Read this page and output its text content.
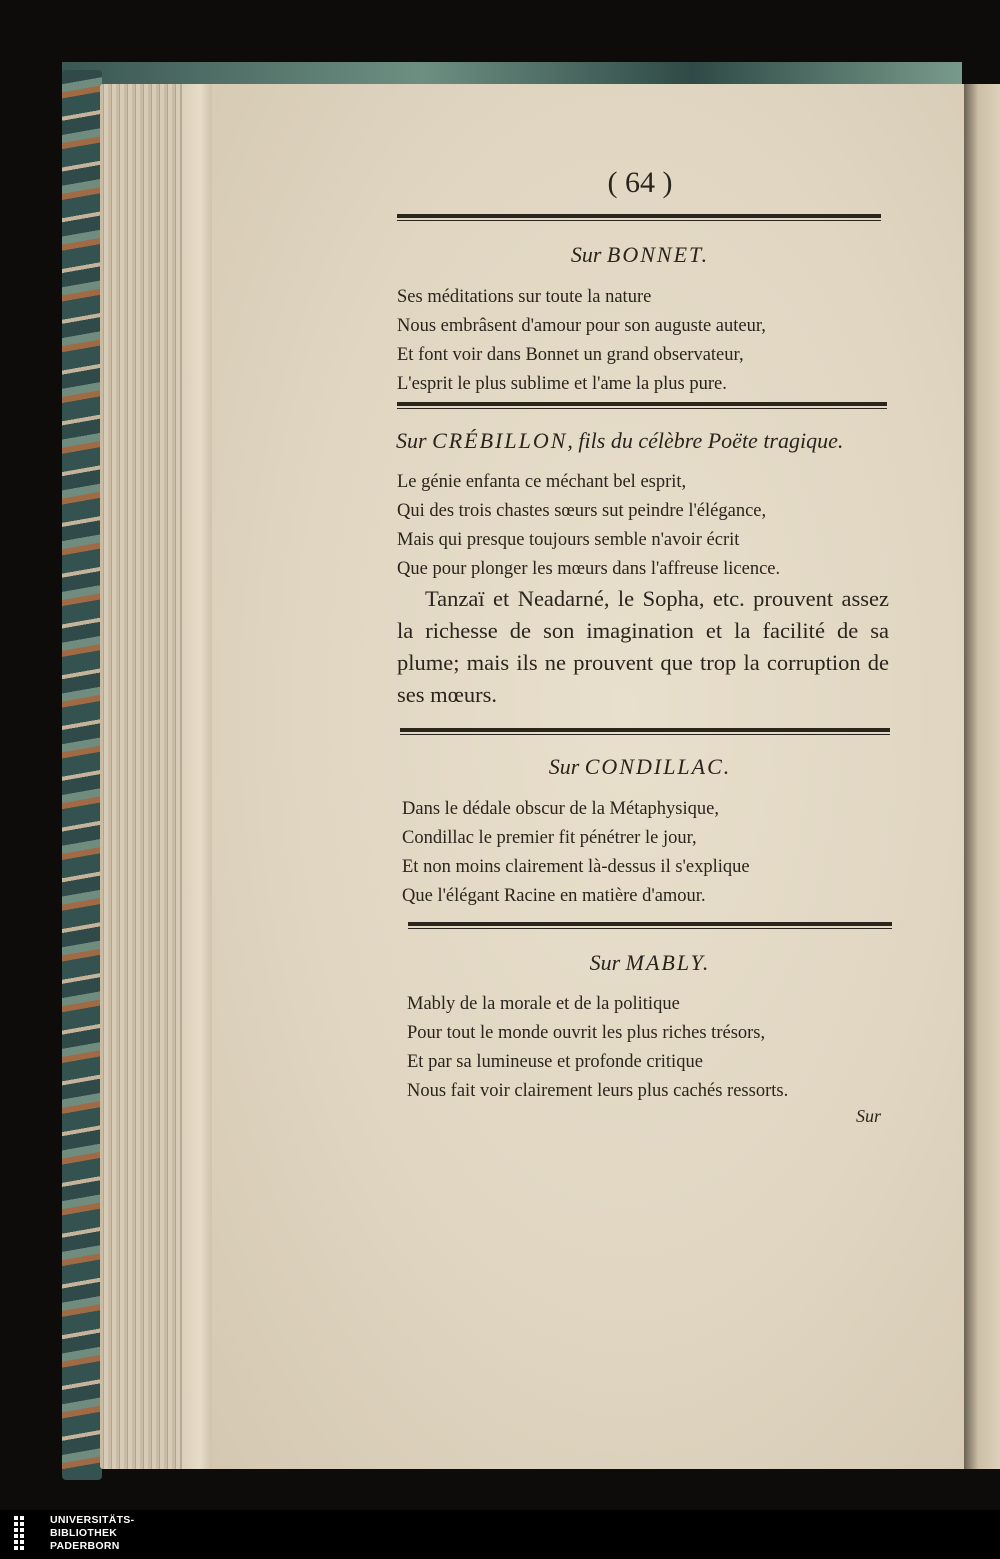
( 64 )
Sur BONNET.
Ses méditations sur toute la nature
Nous embrâsent d'amour pour son auguste auteur,
Et font voir dans Bonnet un grand observateur,
L'esprit le plus sublime et l'ame la plus pure.
Sur CRÉBILLON, fils du célèbre Poëte tragique.
Le génie enfanta ce méchant bel esprit,
Qui des trois chastes sœurs sut peindre l'élégance,
Mais qui presque toujours semble n'avoir écrit
Que pour plonger les mœurs dans l'affreuse licence.
Tanzaï et Neadarné, le Sopha, etc. prouvent assez la richesse de son imagination et la facilité de sa plume; mais ils ne prouvent que trop la corruption de ses mœurs.
Sur CONDILLAC.
Dans le dédale obscur de la Métaphysique,
Condillac le premier fit pénétrer le jour,
Et non moins clairement là-dessus il s'explique
Que l'élégant Racine en matière d'amour.
Sur MABLY.
Mably de la morale et de la politique
Pour tout le monde ouvrit les plus riches trésors,
Et par sa lumineuse et profonde critique
Nous fait voir clairement leurs plus cachés ressorts.
Sur
UNIVERSITÄTS-
BIBLIOTHEK
PADERBORN
